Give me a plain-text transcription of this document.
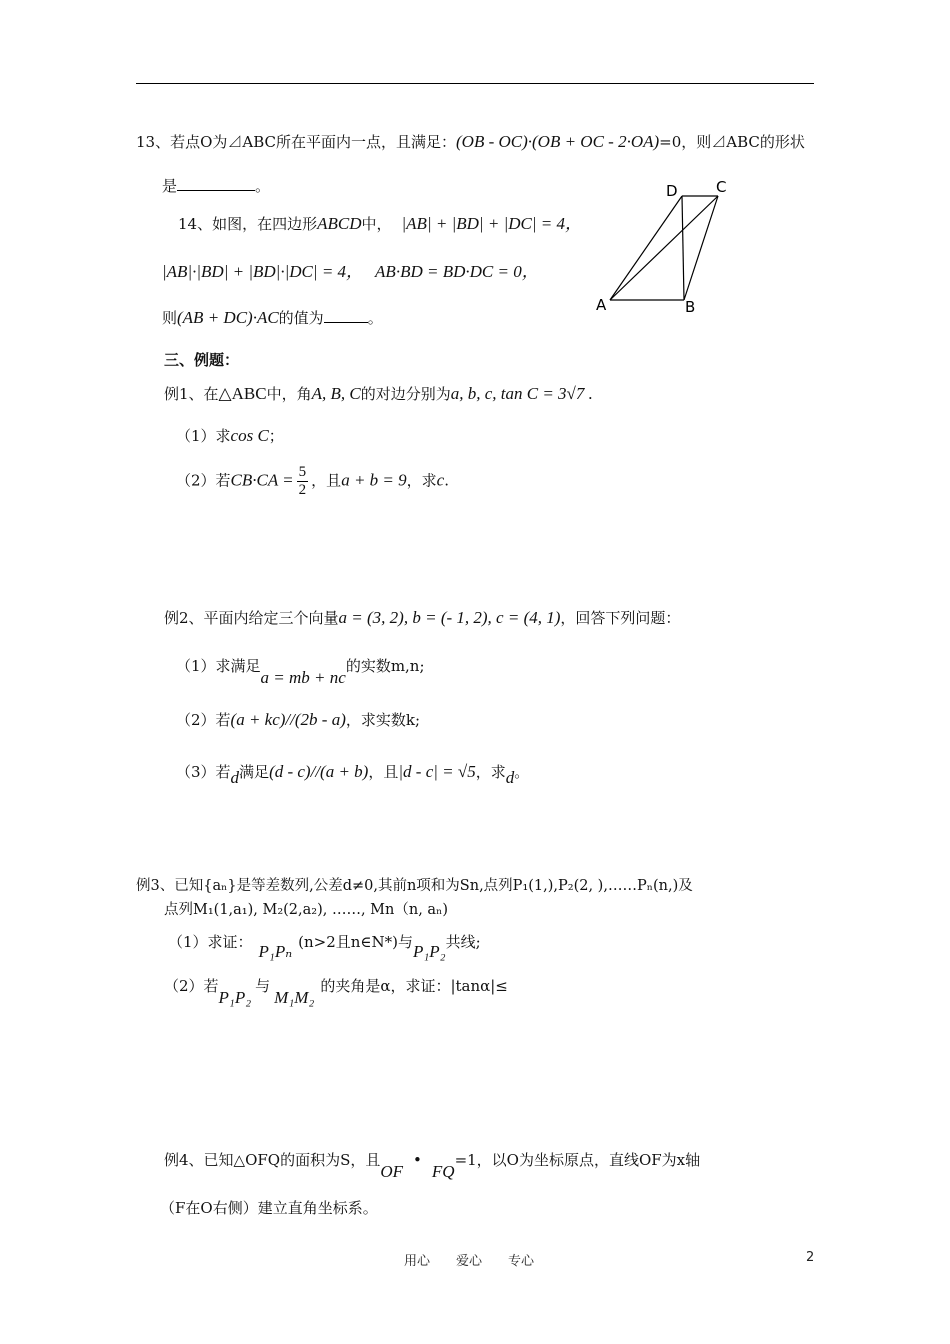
13、若点O为⊿ABC所在平面内一点，且满足：(OB - OC)·(OB + OC - 2·OA)=0，则⊿ABC的形状
是	。
14、如图，在四边形ABCD中， |AB| + |BD| + |DC| = 4，
|AB|·|BD| + |BD|·|DC| = 4， AB·BD = BD·DC = 0，
则(AB + DC)·AC的值为	。
A	B
C
D
三、例题：
例1、在△ABC中，角A, B, C的对边分别为a, b, c, tan C = 3√7 .
（1）求cos C；
（2）若$CB\cdot CA = \frac{5}{2}$ ，且a + b = 9，求c.
例2、平面内给定三个向量a = (3, 2), b = (- 1, 2), c = (4, 1)，回答下列问题：
（1）求满足a = mb + nc的实数m,n;
（2）若(a + kc)//(2b - a)，求实数k;
（3）若d满足(d - c)//(a + b)，且|d - c| = √5，求d。
例3、已知{aₙ}是等差数列,公差d≠0,其前n项和为Sn,点列P₁(1,),P₂(2, ),……Pₙ(n,)及
点列M₁(1,a₁), M₂(2,a₂), ……, Mn（n, aₙ)
（1）求证： P₁Pₙ (n>2且n∈N*)与P₁P₂共线;
（2）若P₁P₂与M₁M₂的夹角是α，求证：|tanα|≤
例4、已知△OFQ的面积为S，且OF•FQ=1，以O为坐标原点，直线OF为x轴
（F在O右侧）建立直角坐标系。
用心　　爱心　　专心	2
